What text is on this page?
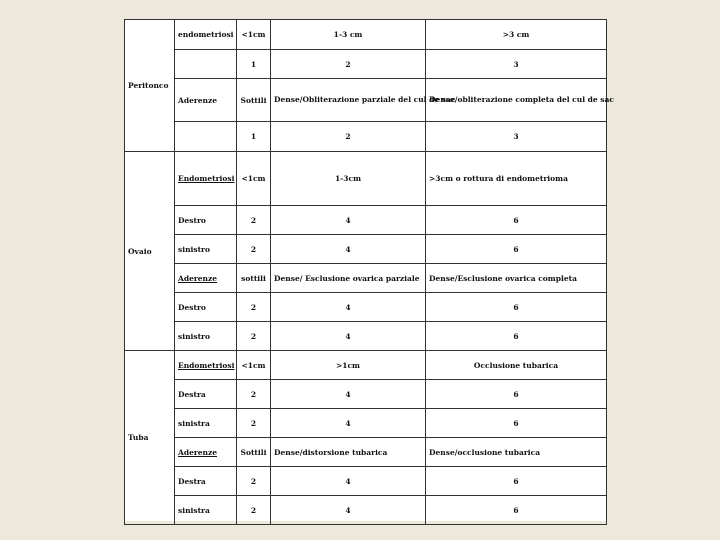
Peritonco	endometriosi	<1cm	1-3 cm	>3 cm
		1	2	3
	Aderenze	Sottili	Dense/Obliterazione parziale del cul de sac	Dense/obliterazione completa del cul de sac
		1	2	3
Ovaio	Endometriosi	<1cm	1-3cm	>3cm o rottura di endometrioma
	Destro	2	4	6
	sinistro	2	4	6
	Aderenze	sottili	Dense/ Esclusione ovarica parziale	Dense/Esclusione ovarica completa
	Destro	2	4	6
	sinistro	2	4	6
Tuba	Endometriosi	<1cm	>1cm	Occlusione tubarica
	Destra	2	4	6
	sinistra	2	4	6
	Aderenze	Sottili	Dense/distorsione tubarica	Dense/occlusione tubarica
	Destra	2	4	6
	sinistra	2	4	6
